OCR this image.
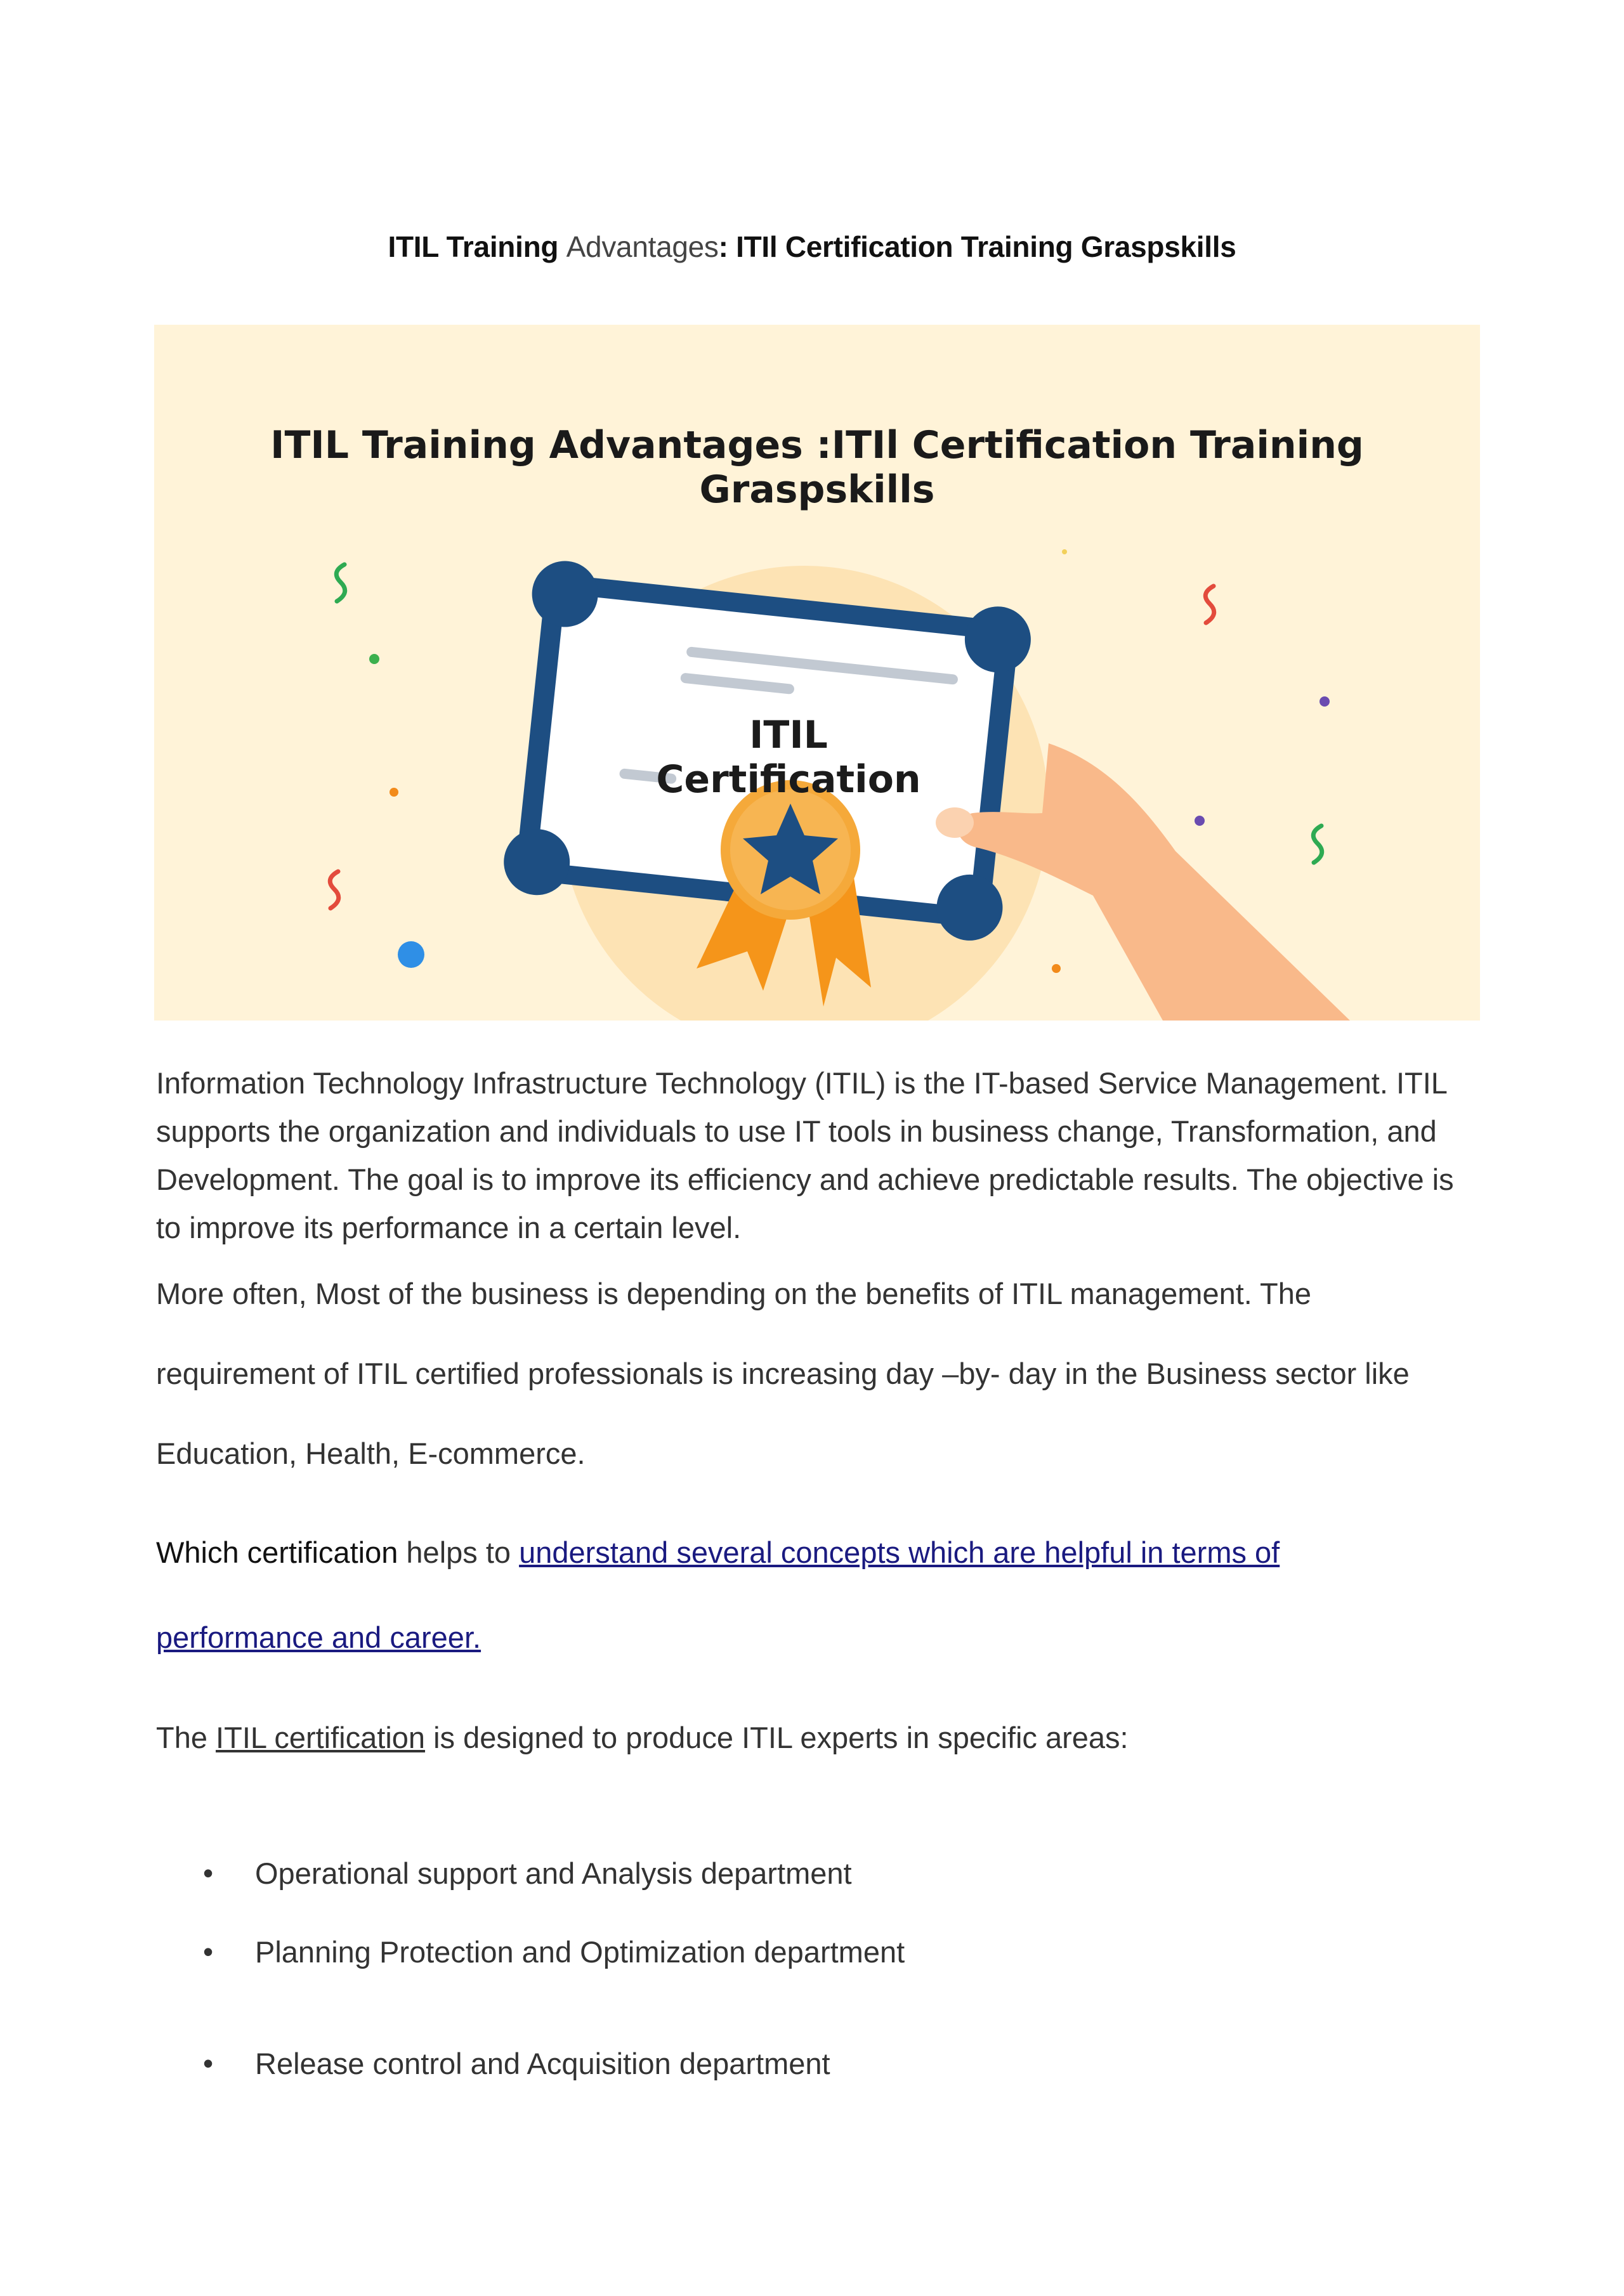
ITIL Training Advantages: ITIl Certification Training Graspskills
ITIL Training Advantages :ITIl Certification Training Graspskills
ITIL Certification

Information Technology Infrastructure Technology (ITIL) is the IT-based Service Management. ITIL supports the organization and individuals to use IT tools in business change, Transformation, and Development. The goal is to improve its efficiency and achieve predictable results. The objective is to improve its performance in a certain level.

More often, Most of the business is depending on the benefits of ITIL management. The
requirement of ITIL certified professionals is increasing day –by- day in the Business sector like
Education, Health, E-commerce.
Which certification helps to understand several concepts which are helpful in terms of
performance and career.
The ITIL certification is designed to produce ITIL experts in specific areas:
• Operational support and Analysis department
• Planning Protection and Optimization department
• Release control and Acquisition department
